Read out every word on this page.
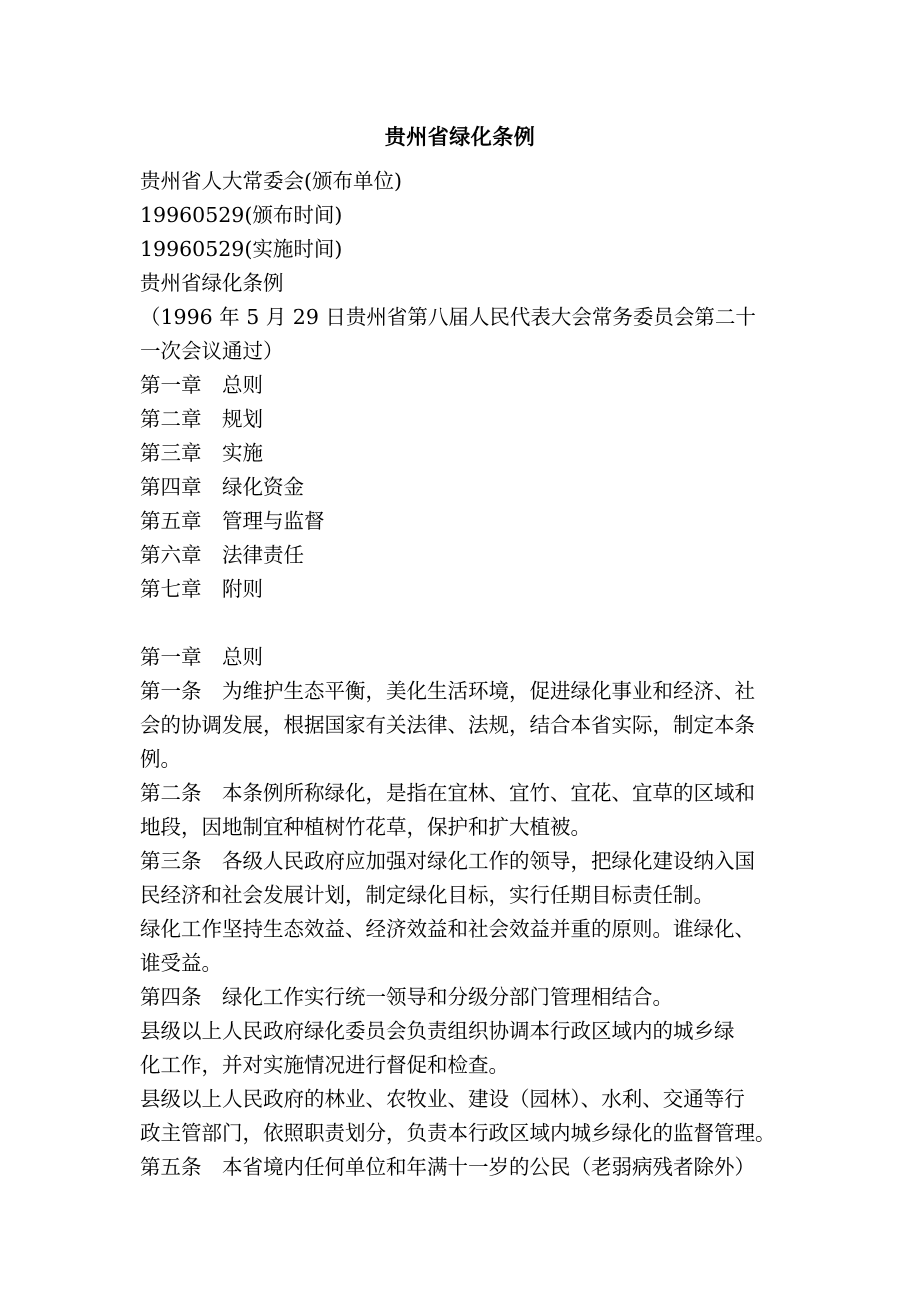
贵州省绿化条例
贵州省人大常委会(颁布单位)
19960529(颁布时间)
19960529(实施时间)
贵州省绿化条例
（1996 年 5 月 29 日贵州省第八届人民代表大会常务委员会第二十
一次会议通过）
第一章　总则
第二章　规划
第三章　实施
第四章　绿化资金
第五章　管理与监督
第六章　法律责任
第七章　附则
第一章　总则
第一条　为维护生态平衡，美化生活环境，促进绿化事业和经济、社
会的协调发展，根据国家有关法律、法规，结合本省实际，制定本条
例。
第二条　本条例所称绿化，是指在宜林、宜竹、宜花、宜草的区域和
地段，因地制宜种植树竹花草，保护和扩大植被。
第三条　各级人民政府应加强对绿化工作的领导，把绿化建设纳入国
民经济和社会发展计划，制定绿化目标，实行任期目标责任制。
绿化工作坚持生态效益、经济效益和社会效益并重的原则。谁绿化、
谁受益。
第四条　绿化工作实行统一领导和分级分部门管理相结合。
县级以上人民政府绿化委员会负责组织协调本行政区域内的城乡绿
化工作，并对实施情况进行督促和检查。
县级以上人民政府的林业、农牧业、建设（园林）、水利、交通等行
政主管部门，依照职责划分，负责本行政区域内城乡绿化的监督管理。
第五条　本省境内任何单位和年满十一岁的公民（老弱病残者除外）
